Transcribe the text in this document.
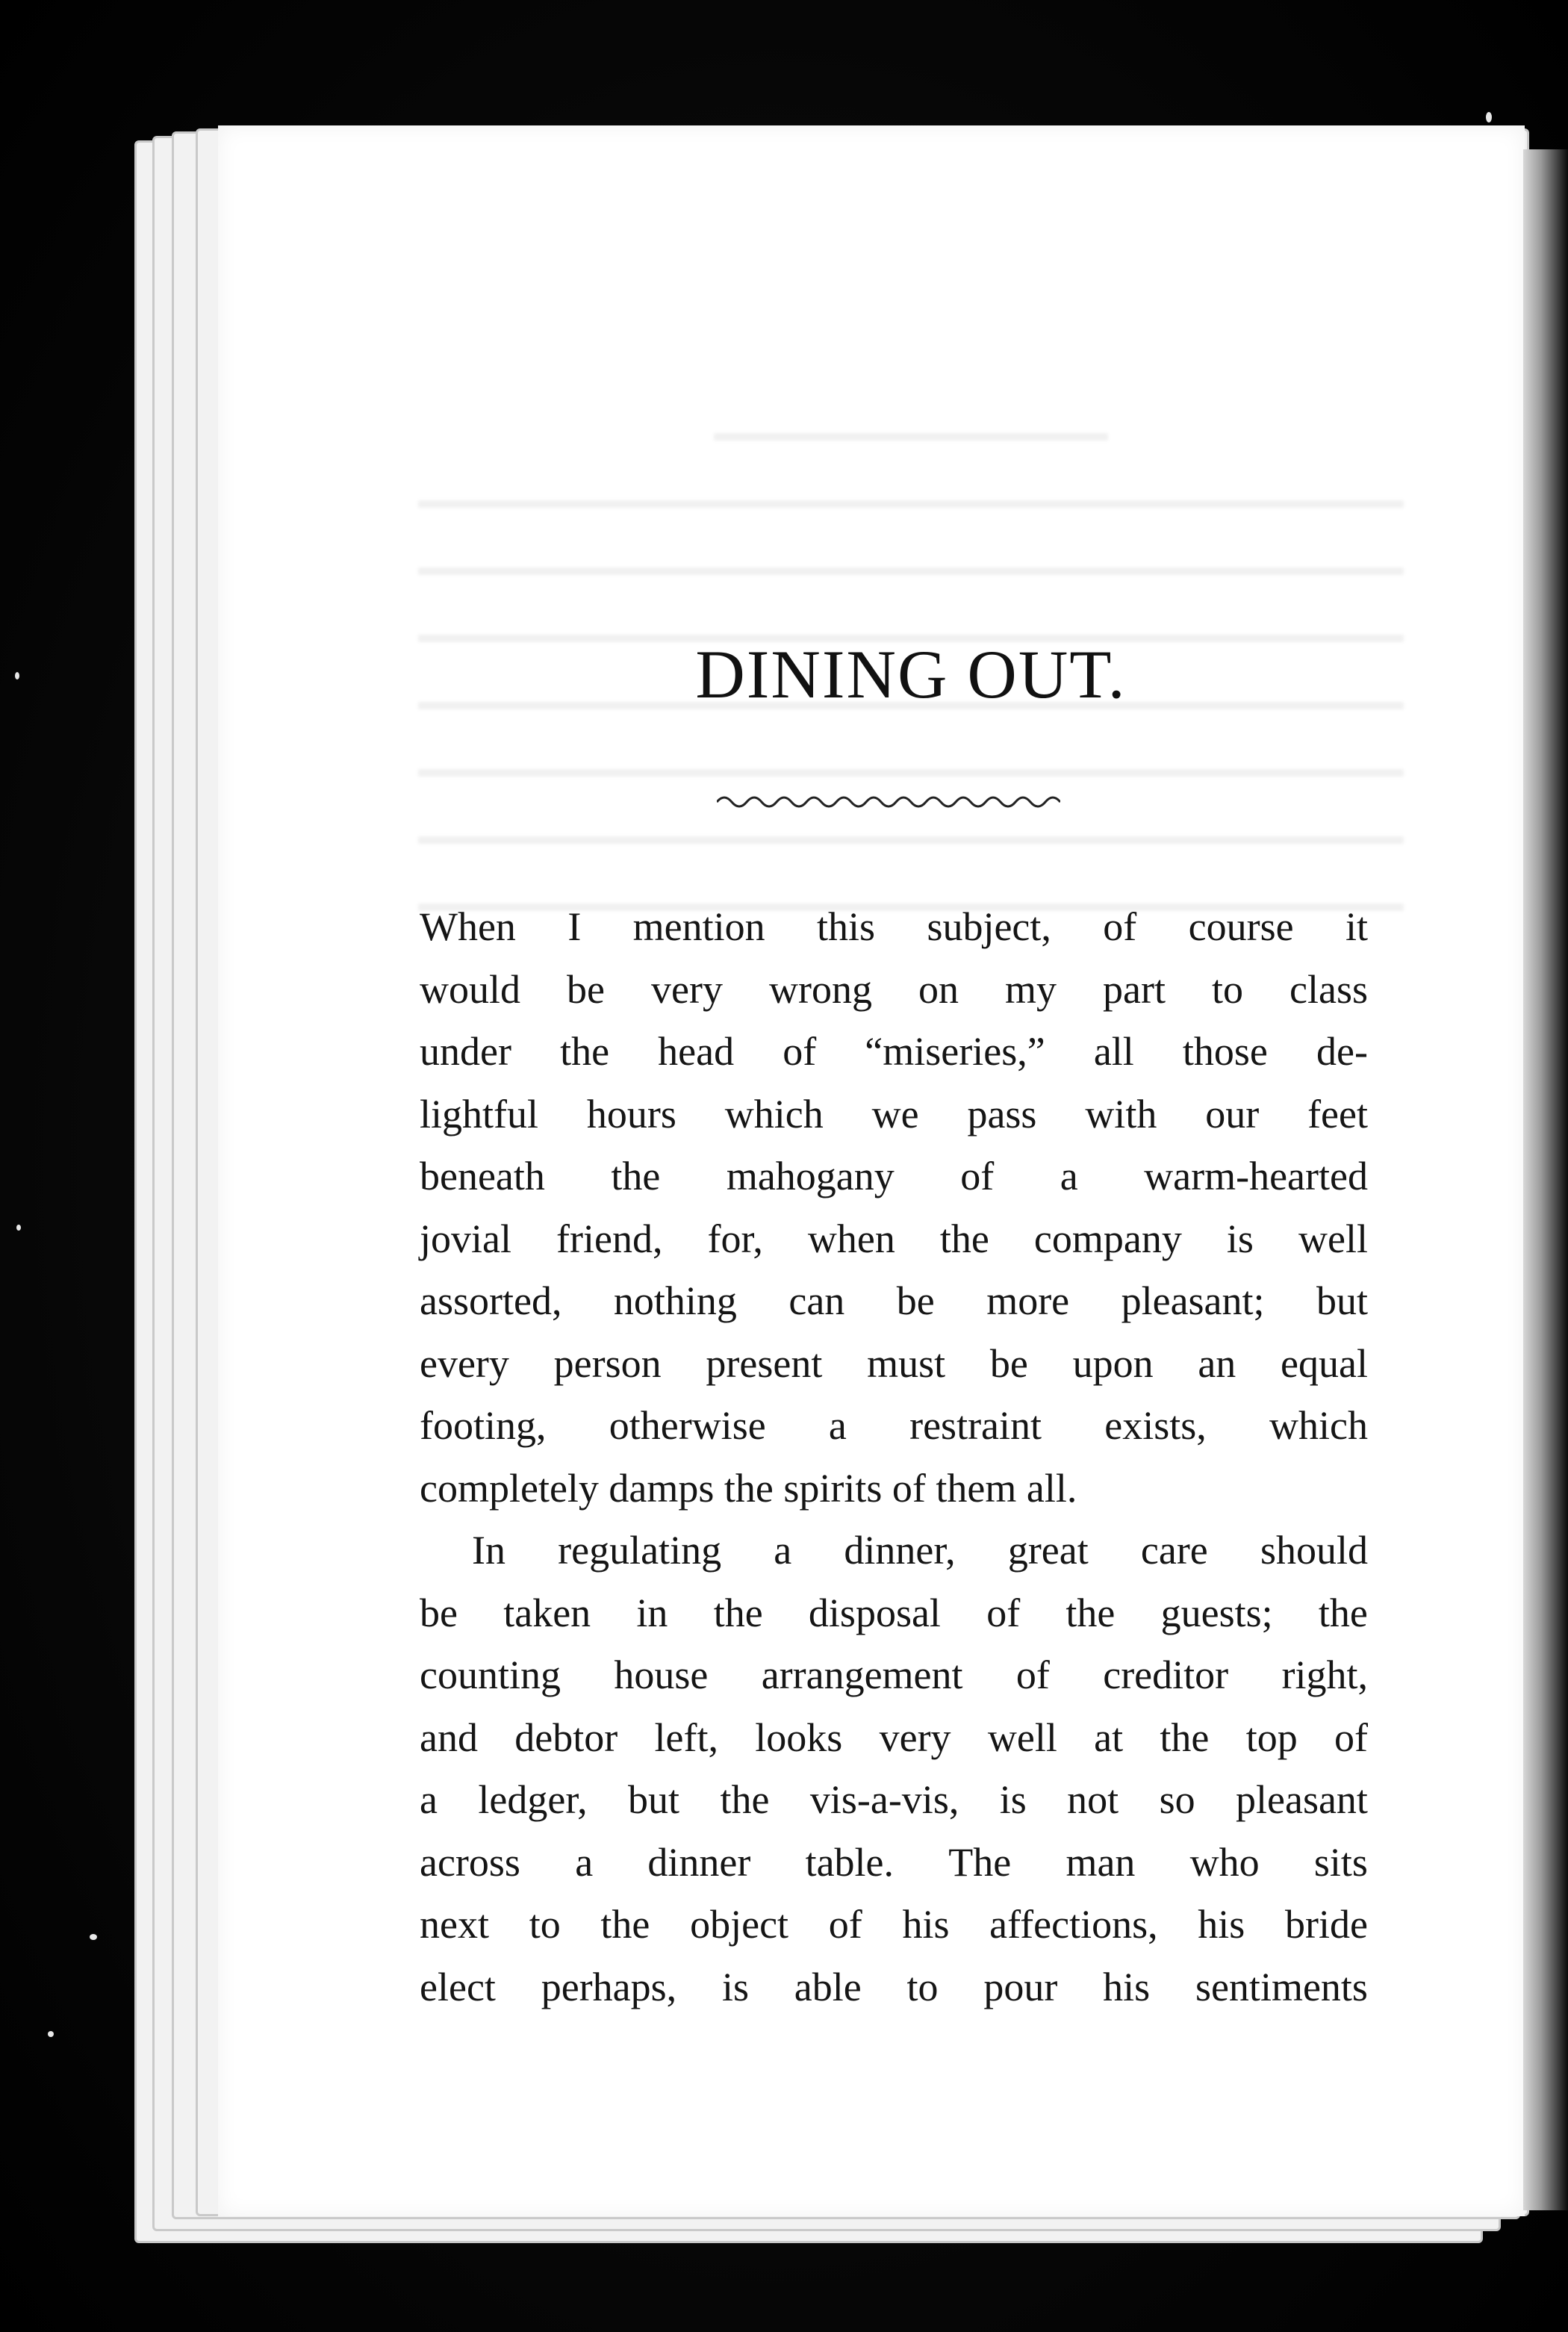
DINING OUT.
When I mention this subject, of course it
would be very wrong on my part to class
under the head of “miseries,” all those de-
lightful hours which we pass with our feet
beneath the mahogany of a warm-hearted
jovial friend, for, when the company is well
assorted, nothing can be more pleasant; but
every person present must be upon an equal
footing, otherwise a restraint exists, which
completely damps the spirits of them all.
In regulating a dinner, great care should
be taken in the disposal of the guests; the
counting house arrangement of creditor right,
and debtor left, looks very well at the top of
a ledger, but the vis-a-vis, is not so pleasant
across a dinner table. The man who sits
next to the object of his affections, his bride
elect perhaps, is able to pour his sentiments
